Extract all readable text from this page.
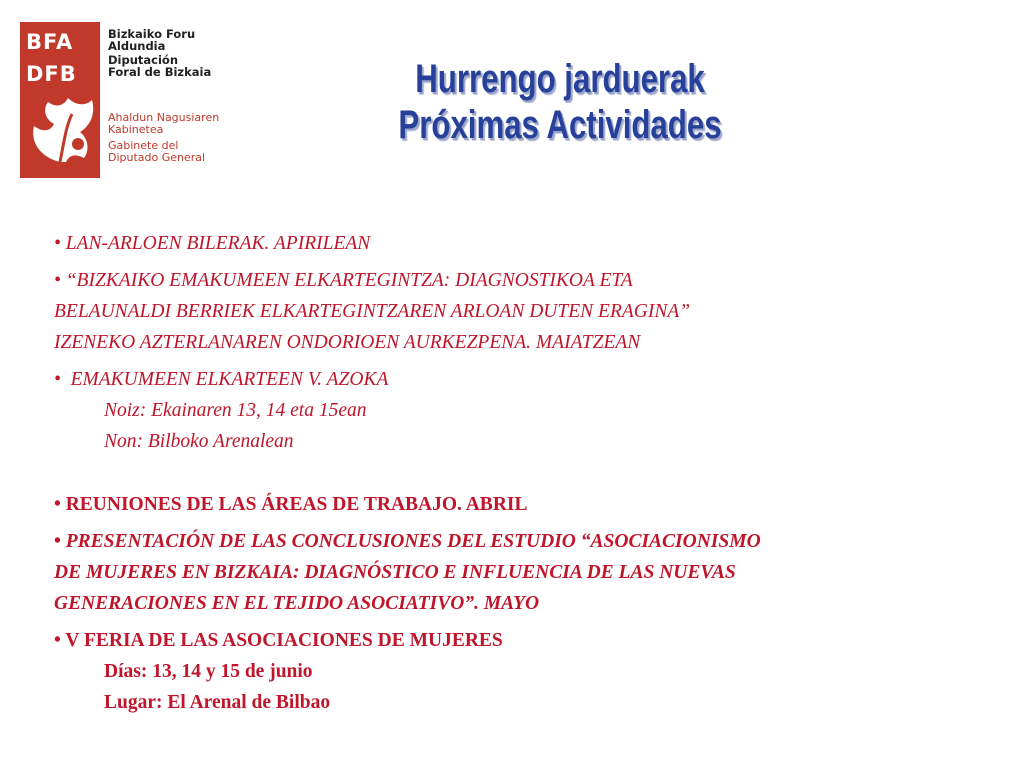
BFA
DFB
Bizkaiko Foru
Aldundia
Diputación
Foral de Bizkaia
Ahaldun Nagusiaren
Kabinetea
Gabinete del
Diputado General
Hurrengo jarduerak
Próximas Actividades
• LAN-ARLOEN BILERAK. APIRILEAN
• “BIZKAIKO EMAKUMEEN ELKARTEGINTZA: DIAGNOSTIKOA ETA
BELAUNALDI BERRIEK ELKARTEGINTZAREN ARLOAN DUTEN ERAGINA”
IZENEKO AZTERLANAREN ONDORIOEN AURKEZPENA. MAIATZEAN
• EMAKUMEEN ELKARTEEN V. AZOKA
Noiz: Ekainaren 13, 14 eta 15ean
Non: Bilboko Arenalean
• REUNIONES DE LAS ÁREAS DE TRABAJO. ABRIL
• PRESENTACIÓN DE LAS CONCLUSIONES DEL ESTUDIO “ASOCIACIONISMO
DE MUJERES EN BIZKAIA: DIAGNÓSTICO E INFLUENCIA DE LAS NUEVAS
GENERACIONES EN EL TEJIDO ASOCIATIVO”. MAYO
• V FERIA DE LAS ASOCIACIONES DE MUJERES
Días: 13, 14 y 15 de junio
Lugar: El Arenal de Bilbao
